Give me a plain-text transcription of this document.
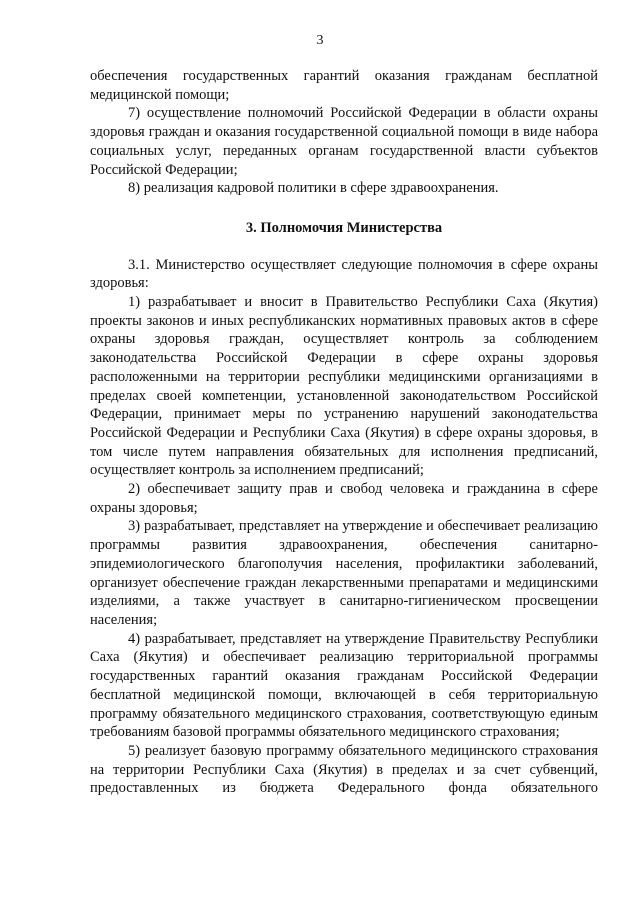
3

обеспечения государственных гарантий оказания гражданам бесплатной медицинской помощи;

7) осуществление полномочий Российской Федерации в области охраны здоровья граждан и оказания государственной социальной помощи в виде набора социальных услуг, переданных органам государственной власти субъектов Российской Федерации;

8) реализация кадровой политики в сфере здравоохранения.

3. Полномочия Министерства

3.1. Министерство осуществляет следующие полномочия в сфере охраны здоровья:

1) разрабатывает и вносит в Правительство Республики Саха (Якутия) проекты законов и иных республиканских нормативных правовых актов в сфере охраны здоровья граждан, осуществляет контроль за соблюдением законодательства Российской Федерации в сфере охраны здоровья расположенными на территории республики медицинскими организациями в пределах своей компетенции, установленной законодательством Российской Федерации, принимает меры по устранению нарушений законодательства Российской Федерации и Республики Саха (Якутия) в сфере охраны здоровья, в том числе путем направления обязательных для исполнения предписаний, осуществляет контроль за исполнением предписаний;

2) обеспечивает защиту прав и свобод человека и гражданина в сфере охраны здоровья;

3) разрабатывает, представляет на утверждение и обеспечивает реализацию программы развития здравоохранения, обеспечения санитарно-эпидемиологического благополучия населения, профилактики заболеваний, организует обеспечение граждан лекарственными препаратами и медицинскими изделиями, а также участвует в санитарно-гигиеническом просвещении населения;

4) разрабатывает, представляет на утверждение Правительству Республики Саха (Якутия) и обеспечивает реализацию территориальной программы государственных гарантий оказания гражданам Российской Федерации бесплатной медицинской помощи, включающей в себя территориальную программу обязательного медицинского страхования, соответствующую единым требованиям базовой программы обязательного медицинского страхования;

5) реализует базовую программу обязательного медицинского страхования на территории Республики Саха (Якутия) в пределах и за счет субвенций, предоставленных из бюджета Федерального фонда обязательного
